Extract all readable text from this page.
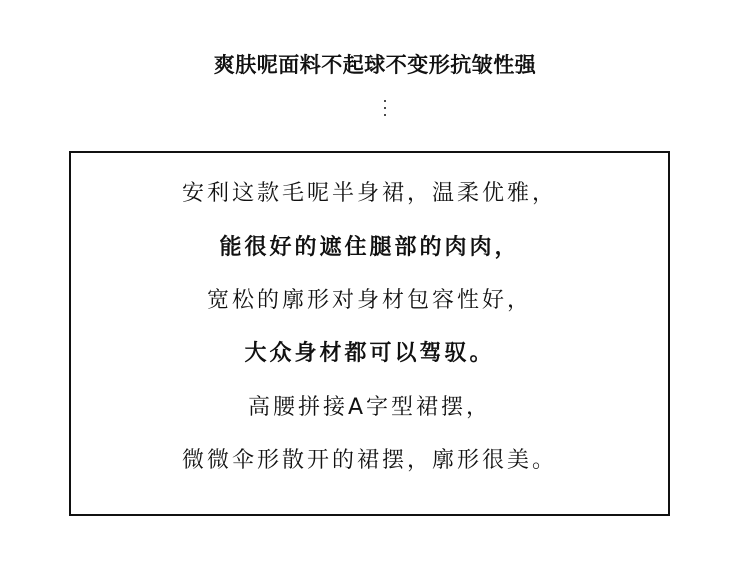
爽肤呢面料不起球不变形抗皱性强
安利这款毛呢半身裙，温柔优雅，
能很好的遮住腿部的肉肉，
宽松的廓形对身材包容性好，
大众身材都可以驾驭。
高腰拼接A字型裙摆，
微微伞形散开的裙摆，廓形很美。
